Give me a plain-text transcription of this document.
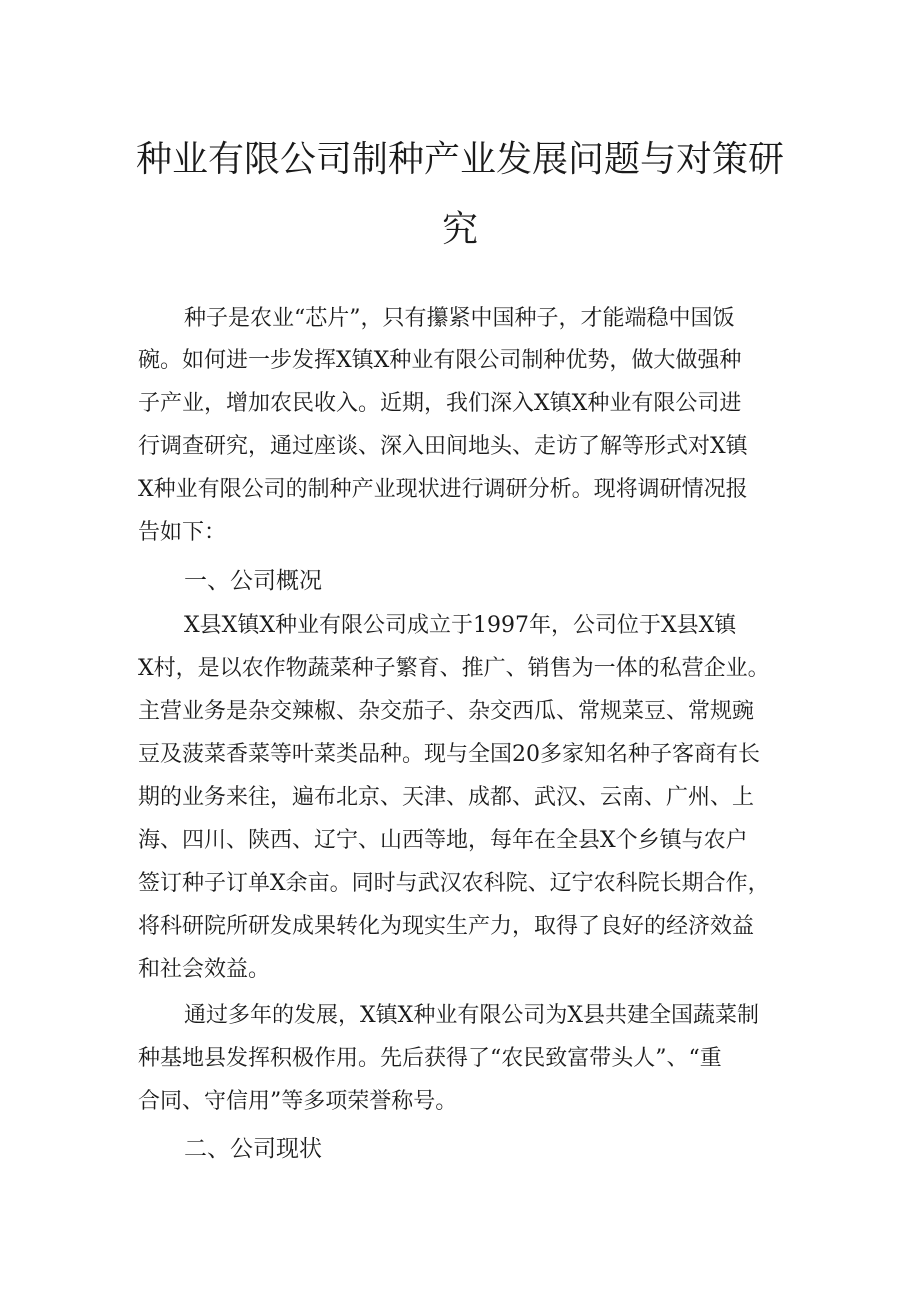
种业有限公司制种产业发展问题与对策研
究
种子是农业“芯片”，只有攥紧中国种子，才能端稳中国饭
碗。如何进一步发挥X镇X种业有限公司制种优势，做大做强种
子产业，增加农民收入。近期，我们深入X镇X种业有限公司进
行调查研究，通过座谈、深入田间地头、走访了解等形式对X镇
X种业有限公司的制种产业现状进行调研分析。现将调研情况报
告如下：
一、公司概况
X县X镇X种业有限公司成立于1997年，公司位于X县X镇
X村，是以农作物蔬菜种子繁育、推广、销售为一体的私营企业。
主营业务是杂交辣椒、杂交茄子、杂交西瓜、常规菜豆、常规豌
豆及菠菜香菜等叶菜类品种。现与全国20多家知名种子客商有长
期的业务来往，遍布北京、天津、成都、武汉、云南、广州、上
海、四川、陕西、辽宁、山西等地，每年在全县X个乡镇与农户
签订种子订单X余亩。同时与武汉农科院、辽宁农科院长期合作，
将科研院所研发成果转化为现实生产力，取得了良好的经济效益
和社会效益。
通过多年的发展，X镇X种业有限公司为X县共建全国蔬菜制
种基地县发挥积极作用。先后获得了“农民致富带头人”、“重
合同、守信用”等多项荣誉称号。
二、公司现状
